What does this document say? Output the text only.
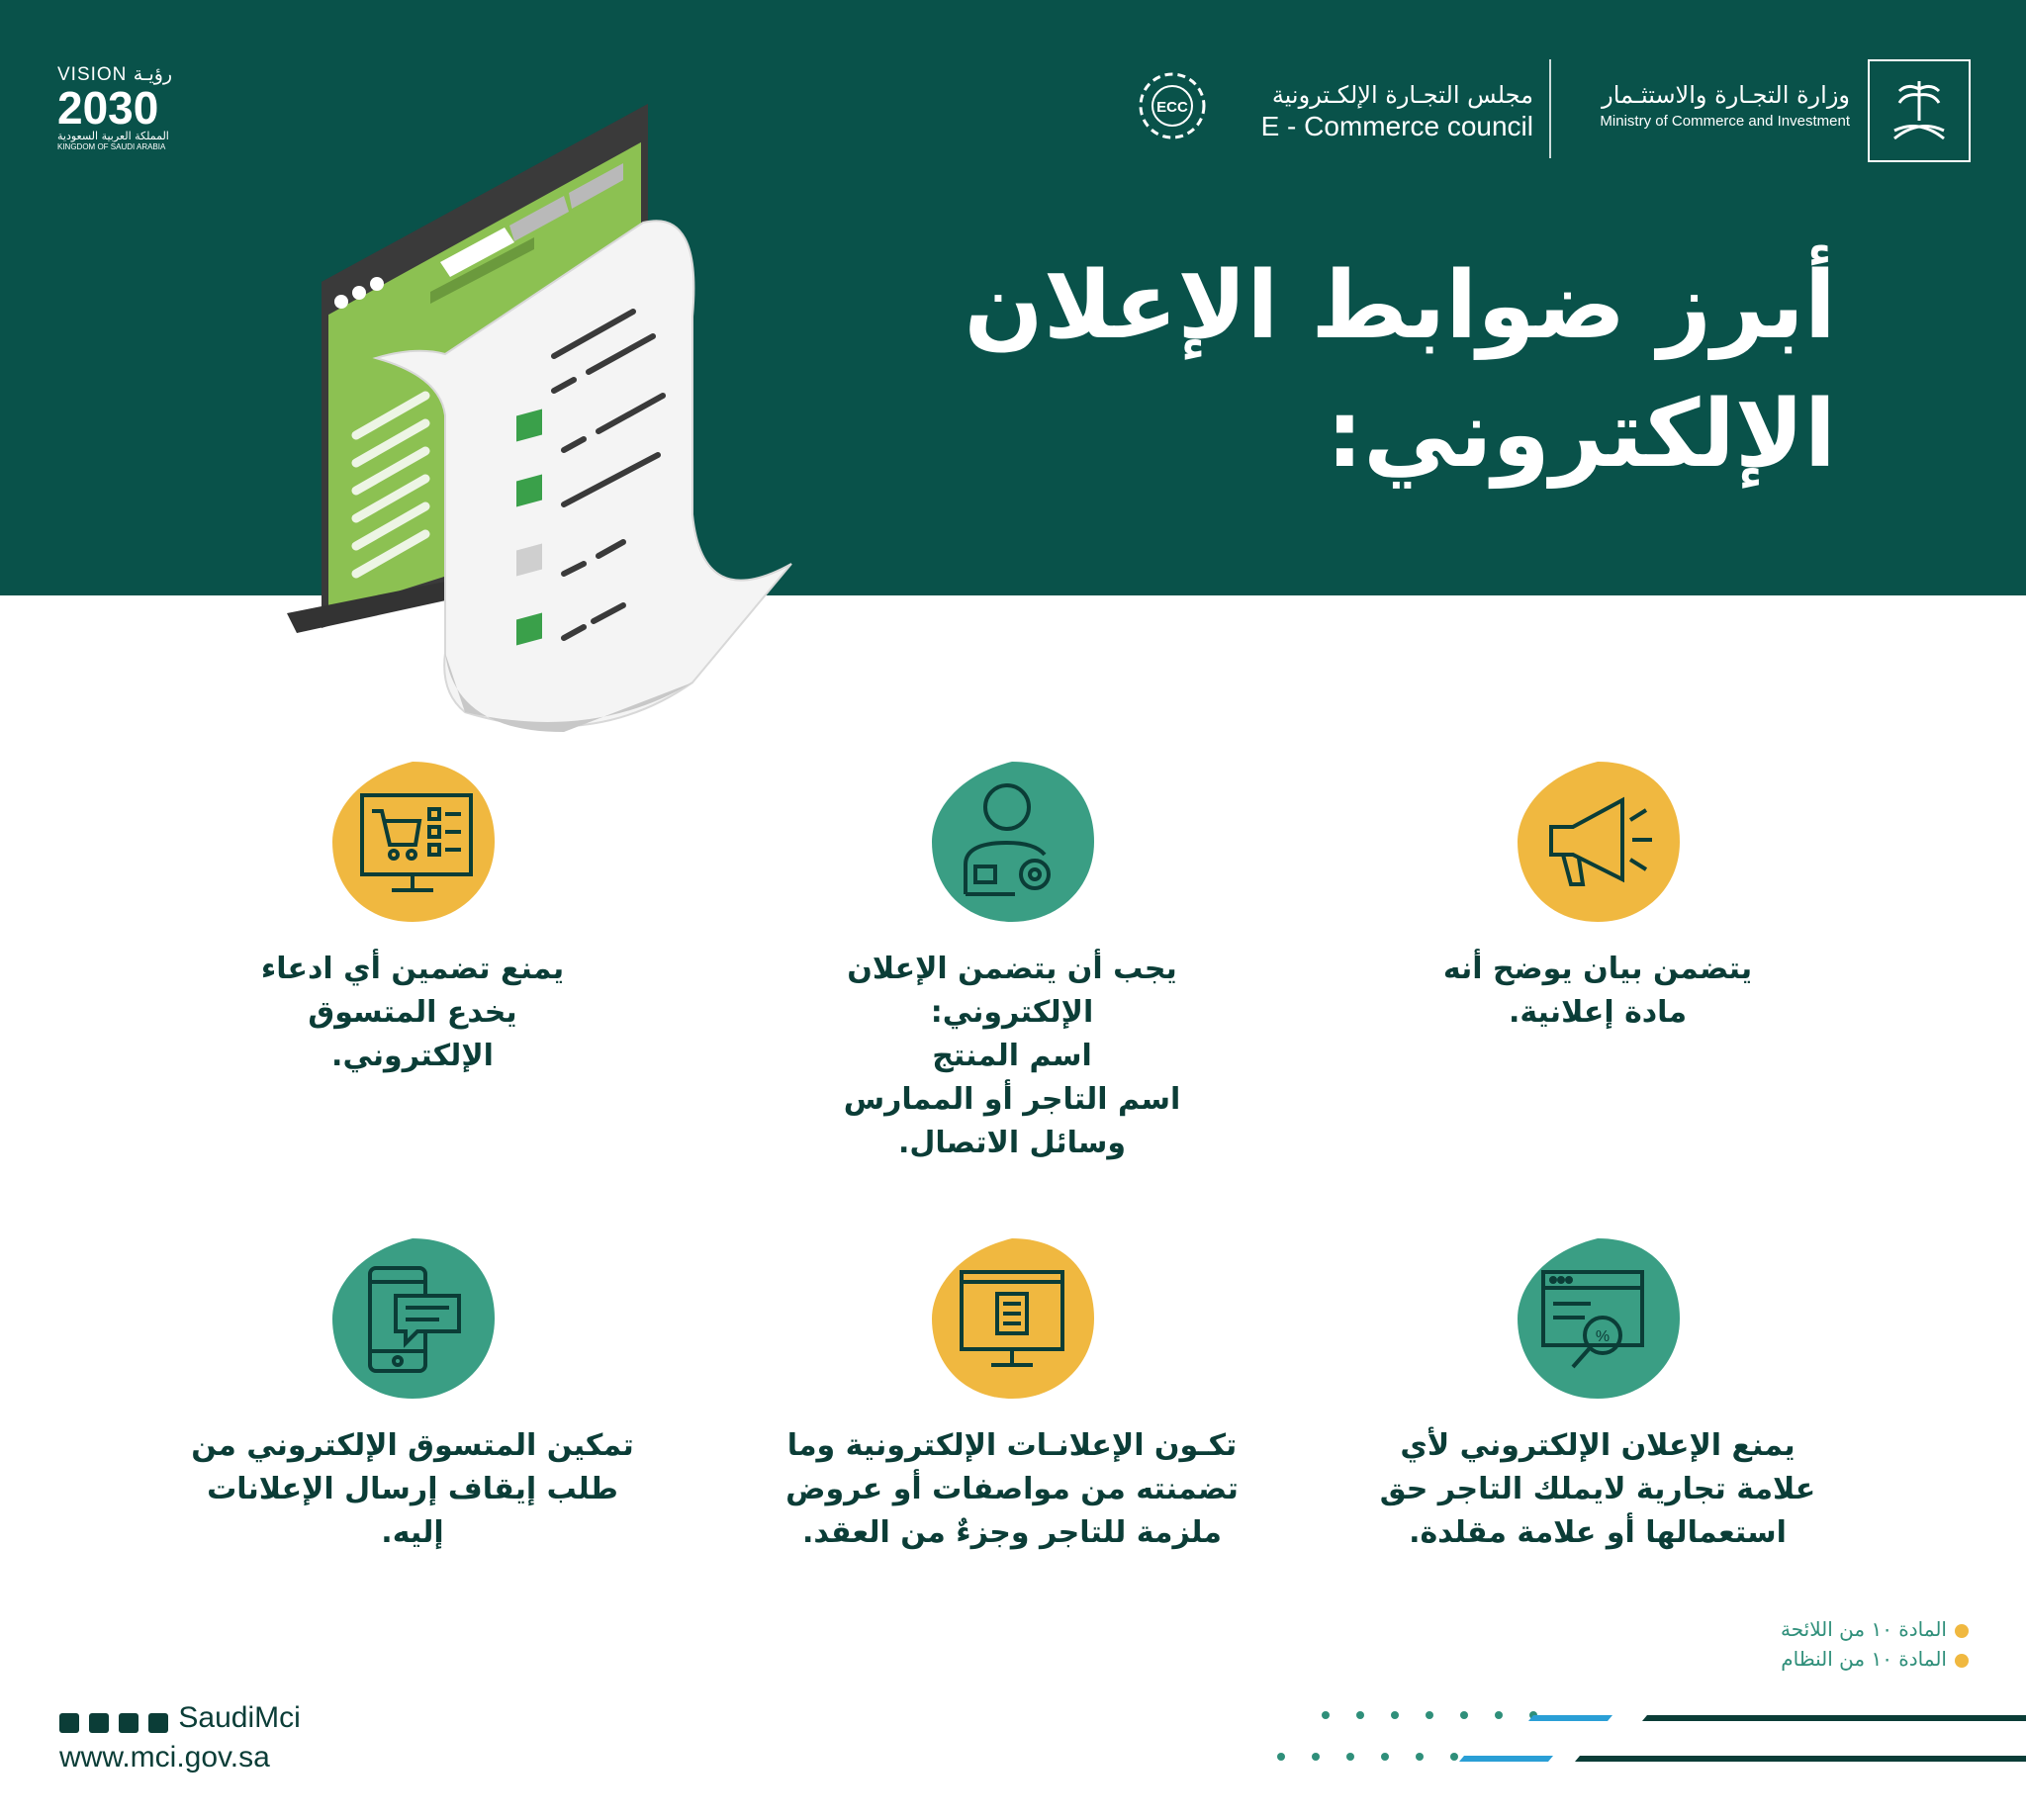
VISION رؤيـة
2030
المملكة العربية السعودية
KINGDOM OF SAUDI ARABIA
وزارة التجـارة والاستثـمار
Ministry of Commerce and Investment
مجلس التجـارة الإلكـترونية
E - Commerce council
ECC
أبرز ضوابط الإعلان
الإلكتروني:
يتضمن بيان يوضح أنه
مادة إعلانية.
يجب أن يتضمن الإعلان
الإلكتروني:
اسم المنتج
اسم التاجر أو الممارس
وسائل الاتصال.
يمنع تضمين أي ادعاء
يخدع المتسوق
الإلكتروني.
%
يمنع الإعلان الإلكتروني لأي
علامة تجارية لايملك التاجر حق
استعمالها أو علامة مقلدة.
تكـون الإعلانـات الإلكترونية وما
تضمنته من مواصفات أو عروض
ملزمة للتاجر وجزءٌ من العقد.
تمكين المتسوق الإلكتروني من
طلب إيقاف إرسال الإعلانات
إليه.
المادة ١٠ من اللائحة
المادة ١٠ من النظام
SaudiMci
www.mci.gov.sa
